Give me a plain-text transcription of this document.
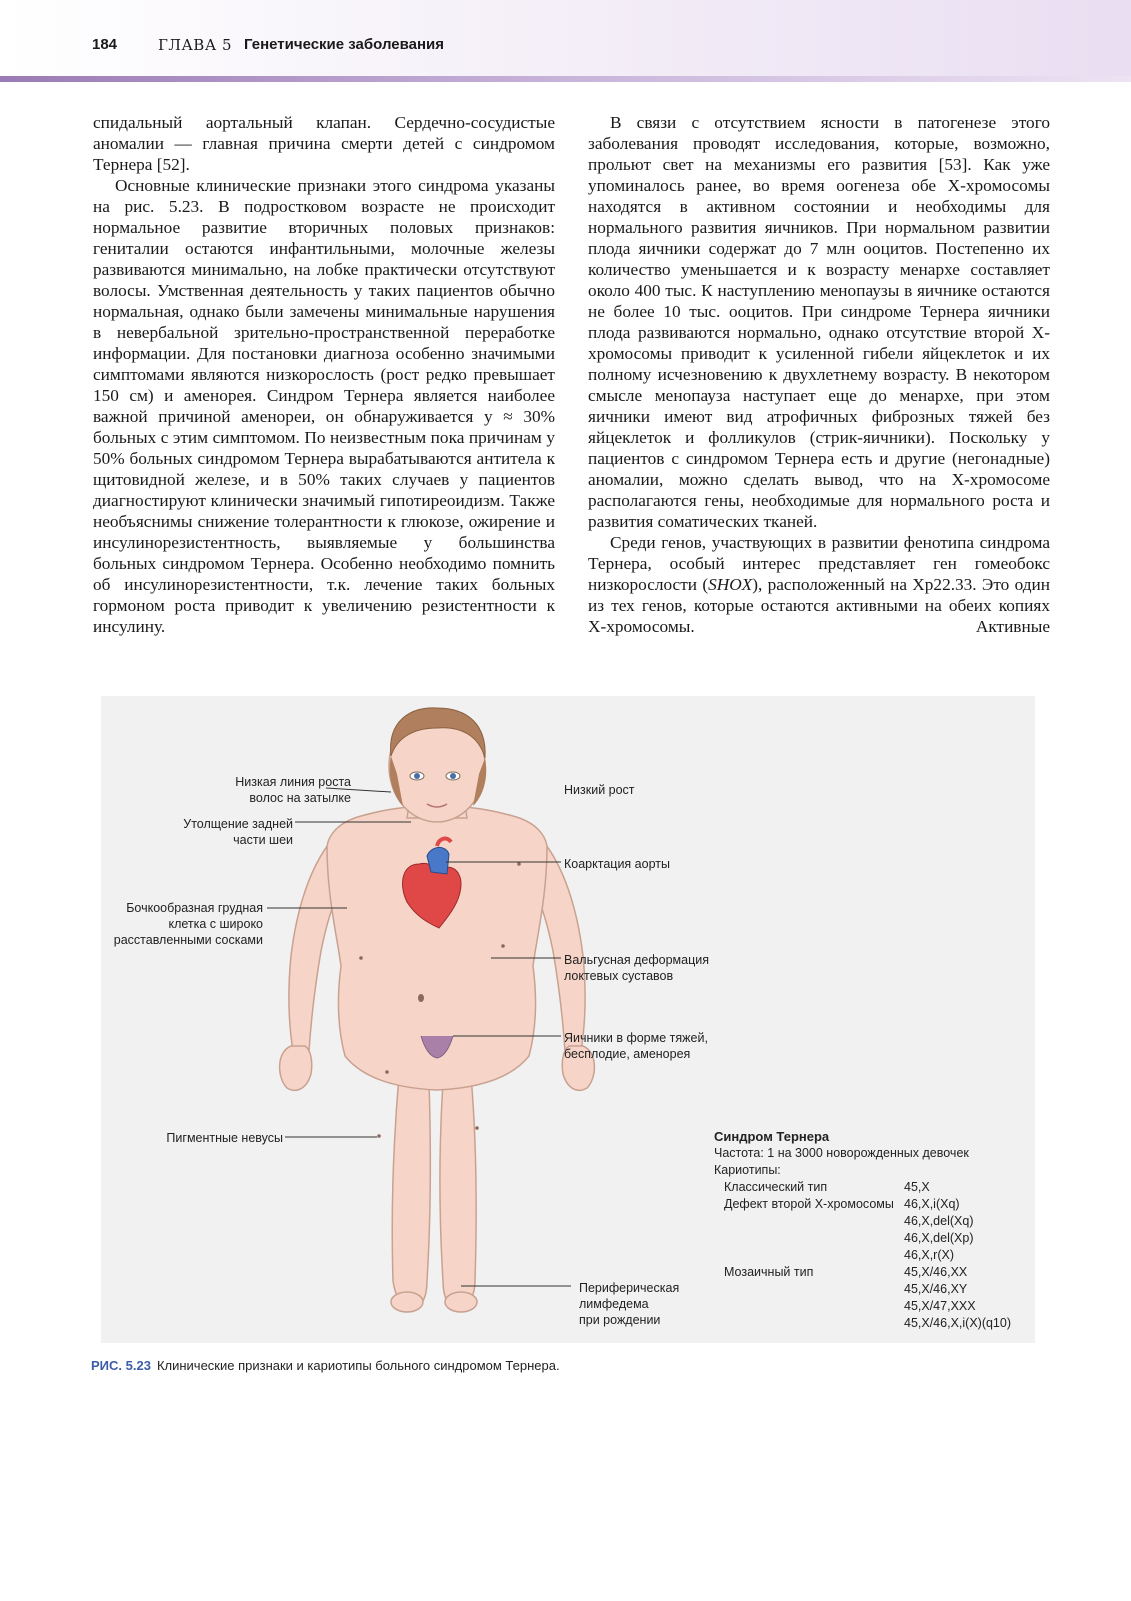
184	ГЛАВА 5 Генетические заболевания

спидальный аортальный клапан. Сердечно-сосудистые аномалии — главная причина смерти детей с синдромом Тернера [52].

Основные клинические признаки этого синдрома указаны на рис. 5.23. В подростковом возрасте не происходит нормальное развитие вторичных половых признаков: гениталии остаются инфантильными, молочные железы развиваются минимально, на лобке практически отсутствуют волосы. Умственная деятельность у таких пациентов обычно нормальная, однако были замечены минимальные нарушения в невербальной зрительно-пространственной переработке информации. Для постановки диагноза особенно значимыми симптомами являются низкорослость (рост редко превышает 150 см) и аменорея. Синдром Тернера является наиболее важной причиной аменореи, он обнаруживается у ≈ 30% больных с этим симптомом. По неизвестным пока причинам у 50% больных синдромом Тернера вырабатываются антитела к щитовидной железе, и в 50% таких случаев у пациентов диагностируют клинически значимый гипотиреоидизм. Также необъяснимы снижение толерантности к глюкозе, ожирение и инсулинорезистентность, выявляемые у большинства больных синдромом Тернера. Особенно необходимо помнить об инсулинорезистентности, т.к. лечение таких больных гормоном роста приводит к увеличению резистентности к инсулину.

В связи с отсутствием ясности в патогенезе этого заболевания проводят исследования, которые, возможно, прольют свет на механизмы его развития [53]. Как уже упоминалось ранее, во время оогенеза обе X-хромосомы находятся в активном состоянии и необходимы для нормального развития яичников. При нормальном развитии плода яичники содержат до 7 млн ооцитов. Постепенно их количество уменьшается и к возрасту менархе составляет около 400 тыс. К наступлению менопаузы в яичнике остаются не более 10 тыс. ооцитов. При синдроме Тернера яичники плода развиваются нормально, однако отсутствие второй X-хромосомы приводит к усиленной гибели яйцеклеток и их полному исчезновению к двухлетнему возрасту. В некотором смысле менопауза наступает еще до менархе, при этом яичники имеют вид атрофичных фиброзных тяжей без яйцеклеток и фолликулов (стрик-яичники). Поскольку у пациентов с синдромом Тернера есть и другие (негонадные) аномалии, можно сделать вывод, что на X-хромосоме располагаются гены, необходимые для нормального роста и развития соматических тканей.

Среди генов, участвующих в развитии фенотипа синдрома Тернера, особый интерес представляет ген гомеобокс низкорослости (SHOX), расположенный на Xp22.33. Это один из тех генов, которые остаются активными на обеих копиях X-хромосомы. Активные

Низкая линия роста
волос на затылке
Утолщение задней
части шеи
Бочкообразная грудная
клетка с широко
расставленными сосками
Пигментные невусы
Низкий рост
Коарктация аорты
Вальгусная деформация
локтевых суставов
Яичники в форме тяжей,
бесплодие, аменорея
Периферическая
лимфедема
при рождении
Синдром Тернера
Частота: 1 на 3000 новорожденных девочек
Кариотипы:
Классический тип
Дефект второй X-хромосомы
Мозаичный тип
45,X
46,X,i(Xq)
46,X,del(Xq)
46,X,del(Xp)
46,X,r(X)
45,X/46,XX
45,X/46,XY
45,X/47,XXX
45,X/46,X,i(X)(q10)
РИС. 5.23 Клинические признаки и кариотипы больного синдромом Тернера.
